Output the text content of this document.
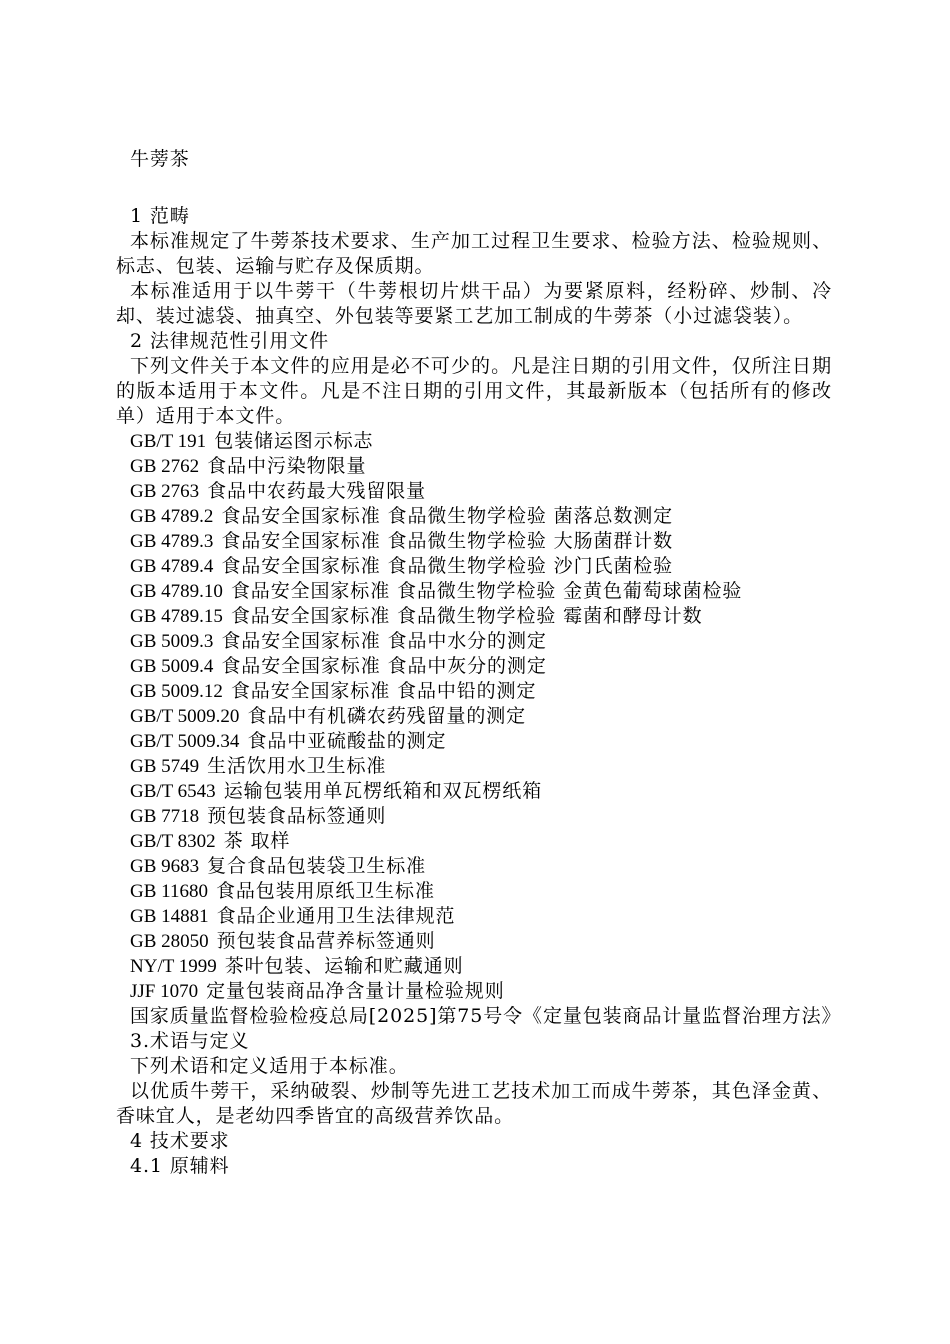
牛蒡茶

1 范畴

本标准规定了牛蒡茶技术要求、生产加工过程卫生要求、检验方法、检验规则、标志、包装、运输与贮存及保质期。

本标准适用于以牛蒡干（牛蒡根切片烘干品）为要紧原料，经粉碎、炒制、冷却、装过滤袋、抽真空、外包装等要紧工艺加工制成的牛蒡茶（小过滤袋装）。

2 法律规范性引用文件

下列文件关于本文件的应用是必不可少的。凡是注日期的引用文件，仅所注日期的版本适用于本文件。凡是不注日期的引用文件，其最新版本（包括所有的修改单）适用于本文件。

GB/T 191 包装储运图示标志
GB 2762 食品中污染物限量
GB 2763 食品中农药最大残留限量
GB 4789.2 食品安全国家标准 食品微生物学检验 菌落总数测定
GB 4789.3 食品安全国家标准 食品微生物学检验 大肠菌群计数
GB 4789.4 食品安全国家标准 食品微生物学检验 沙门氏菌检验
GB 4789.10 食品安全国家标准 食品微生物学检验 金黄色葡萄球菌检验
GB 4789.15 食品安全国家标准 食品微生物学检验 霉菌和酵母计数
GB 5009.3 食品安全国家标准 食品中水分的测定
GB 5009.4 食品安全国家标准 食品中灰分的测定
GB 5009.12 食品安全国家标准 食品中铅的测定
GB/T 5009.20 食品中有机磷农药残留量的测定
GB/T 5009.34 食品中亚硫酸盐的测定
GB 5749 生活饮用水卫生标准
GB/T 6543 运输包装用单瓦楞纸箱和双瓦楞纸箱
GB 7718 预包装食品标签通则
GB/T 8302 茶 取样
GB 9683 复合食品包装袋卫生标准
GB 11680 食品包装用原纸卫生标准
GB 14881 食品企业通用卫生法律规范
GB 28050 预包装食品营养标签通则
NY/T 1999 茶叶包装、运输和贮藏通则
JJF 1070 定量包装商品净含量计量检验规则

国家质量监督检验检疫总局[2025]第75号令《定量包装商品计量监督治理方法》

3.术语与定义

下列术语和定义适用于本标准。

以优质牛蒡干，采纳破裂、炒制等先进工艺技术加工而成牛蒡茶，其色泽金黄、香味宜人，是老幼四季皆宜的高级营养饮品。

4 技术要求

4.1 原辅料
